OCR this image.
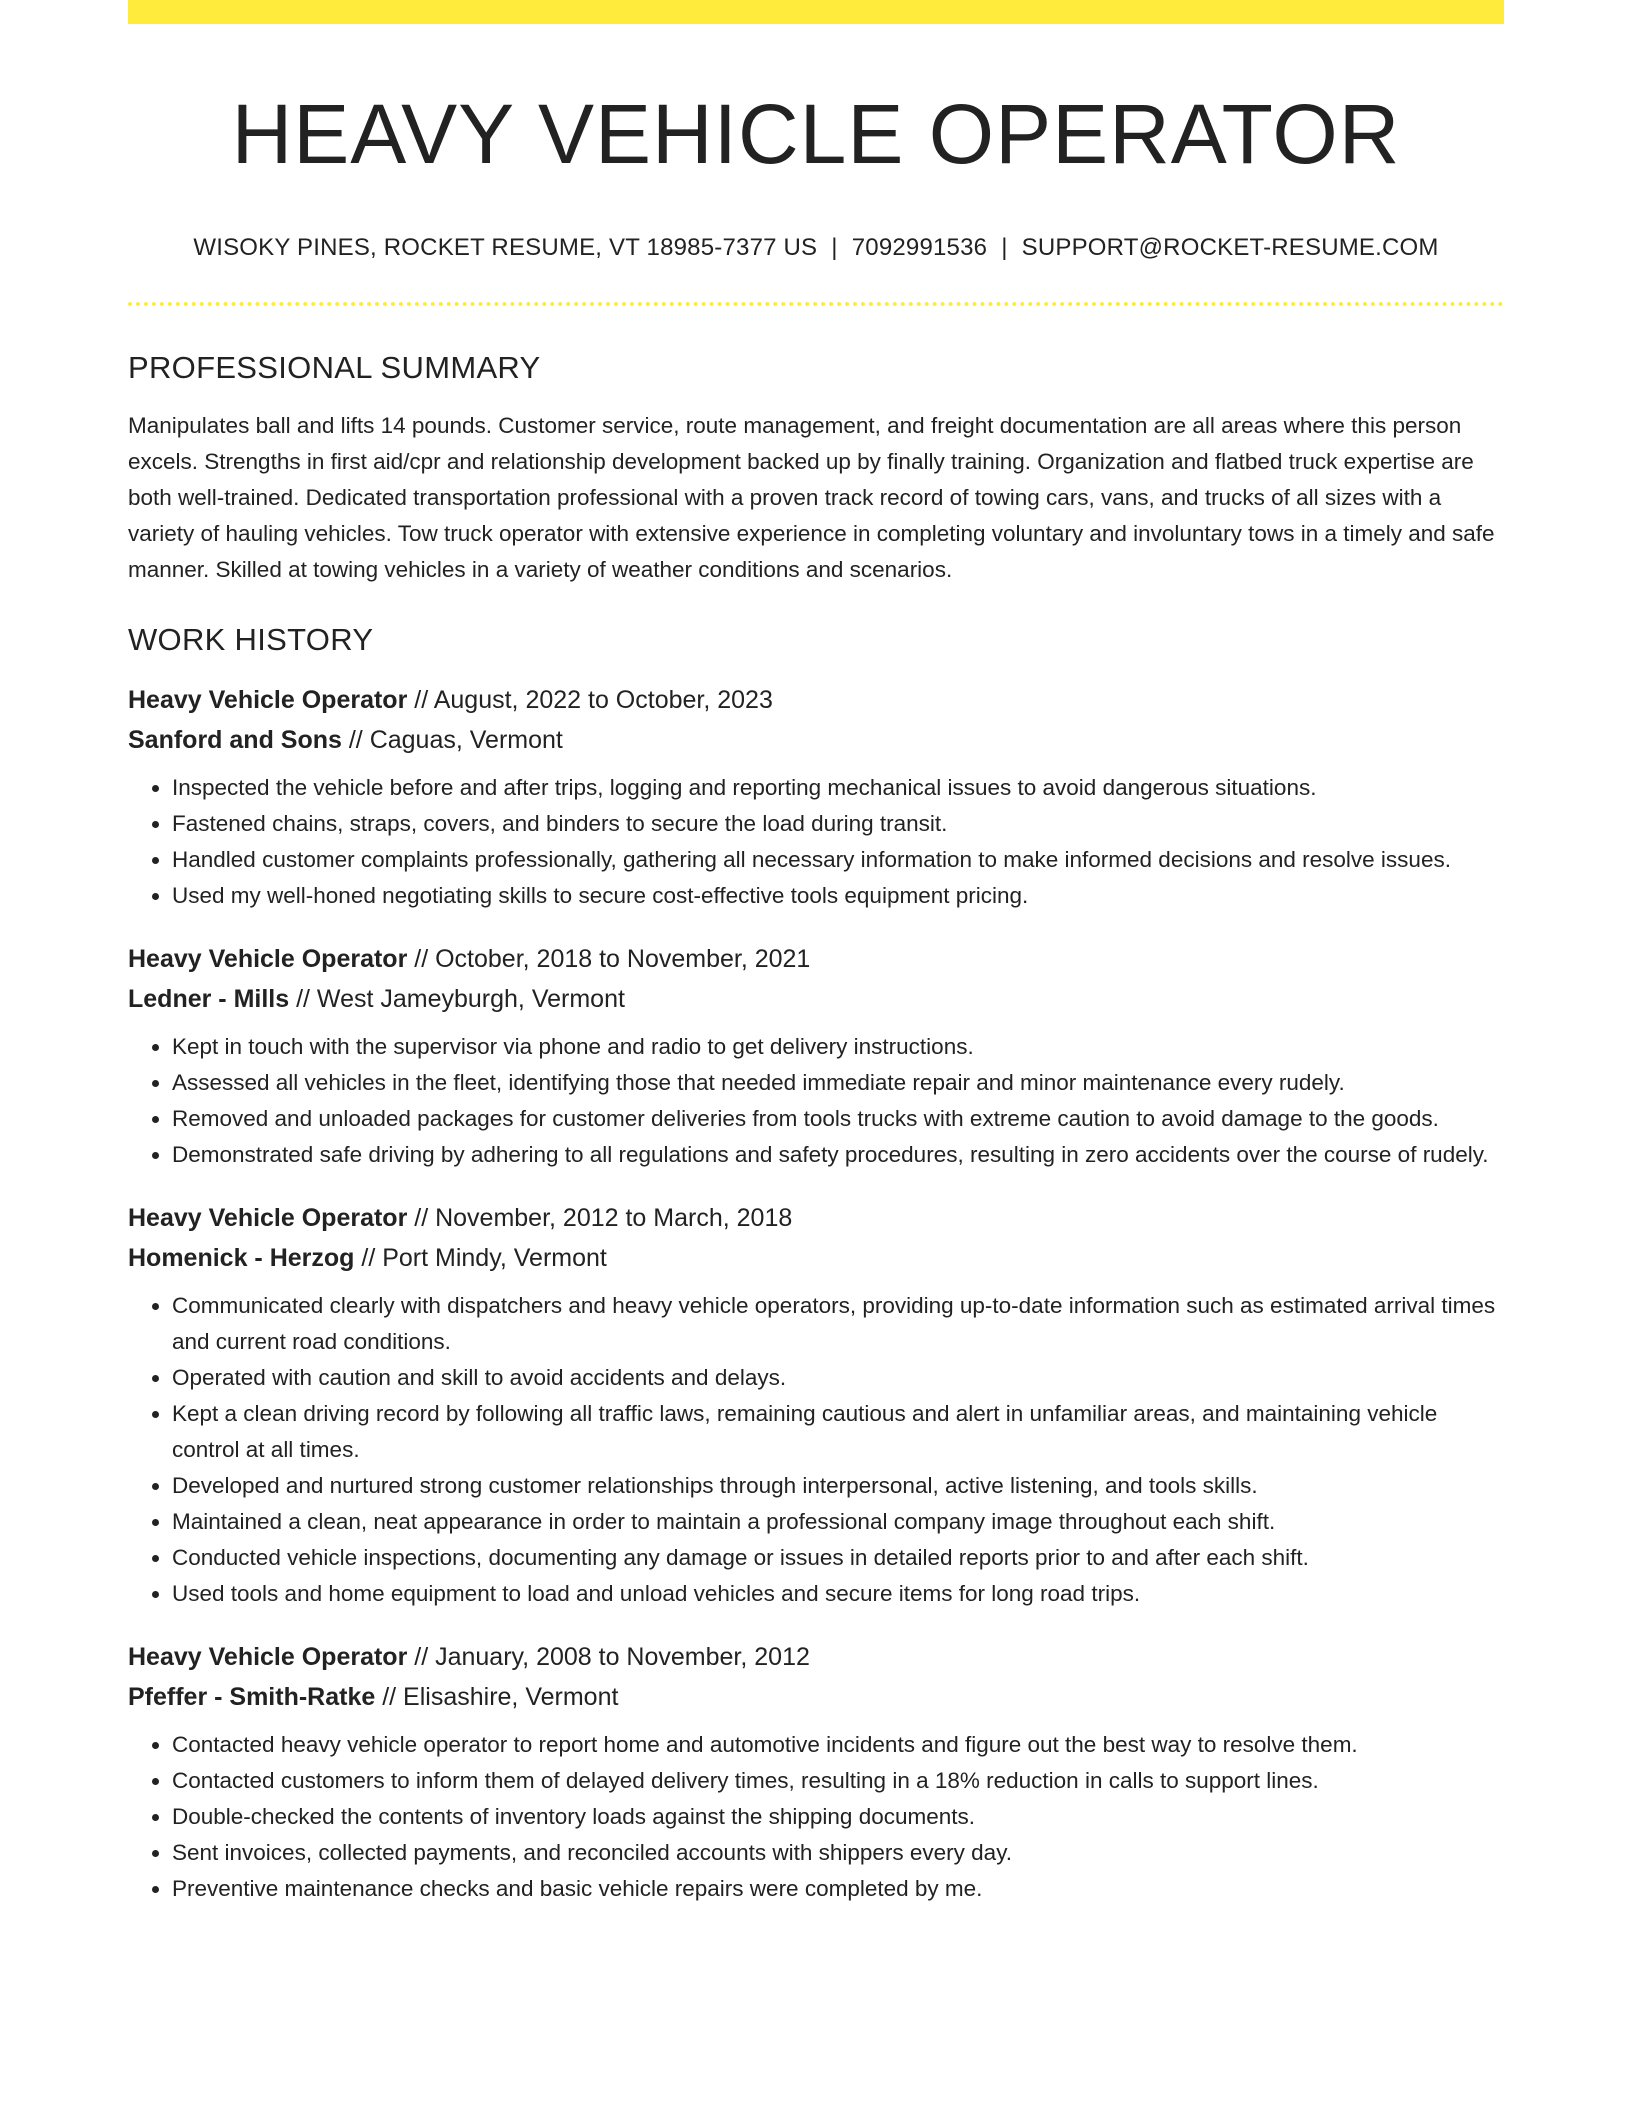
HEAVY VEHICLE OPERATOR
WISOKY PINES, ROCKET RESUME, VT 18985-7377 US | 7092991536 | SUPPORT@ROCKET-RESUME.COM
PROFESSIONAL SUMMARY

Manipulates ball and lifts 14 pounds. Customer service, route management, and freight documentation are all areas where this person excels. Strengths in first aid/cpr and relationship development backed up by finally training. Organization and flatbed truck expertise are both well-trained. Dedicated transportation professional with a proven track record of towing cars, vans, and trucks of all sizes with a variety of hauling vehicles. Tow truck operator with extensive experience in completing voluntary and involuntary tows in a timely and safe manner. Skilled at towing vehicles in a variety of weather conditions and scenarios.

WORK HISTORY
Heavy Vehicle Operator // August, 2022 to October, 2023
Sanford and Sons // Caguas, Vermont
• Inspected the vehicle before and after trips, logging and reporting mechanical issues to avoid dangerous situations.
• Fastened chains, straps, covers, and binders to secure the load during transit.
• Handled customer complaints professionally, gathering all necessary information to make informed decisions and resolve issues.
• Used my well-honed negotiating skills to secure cost-effective tools equipment pricing.
Heavy Vehicle Operator // October, 2018 to November, 2021
Ledner - Mills // West Jameyburgh, Vermont
• Kept in touch with the supervisor via phone and radio to get delivery instructions.
• Assessed all vehicles in the fleet, identifying those that needed immediate repair and minor maintenance every rudely.
• Removed and unloaded packages for customer deliveries from tools trucks with extreme caution to avoid damage to the goods.
• Demonstrated safe driving by adhering to all regulations and safety procedures, resulting in zero accidents over the course of rudely.
Heavy Vehicle Operator // November, 2012 to March, 2018
Homenick - Herzog // Port Mindy, Vermont
• Communicated clearly with dispatchers and heavy vehicle operators, providing up-to-date information such as estimated arrival times and current road conditions.
• Operated with caution and skill to avoid accidents and delays.
• Kept a clean driving record by following all traffic laws, remaining cautious and alert in unfamiliar areas, and maintaining vehicle control at all times.
• Developed and nurtured strong customer relationships through interpersonal, active listening, and tools skills.
• Maintained a clean, neat appearance in order to maintain a professional company image throughout each shift.
• Conducted vehicle inspections, documenting any damage or issues in detailed reports prior to and after each shift.
• Used tools and home equipment to load and unload vehicles and secure items for long road trips.
Heavy Vehicle Operator // January, 2008 to November, 2012
Pfeffer - Smith-Ratke // Elisashire, Vermont
• Contacted heavy vehicle operator to report home and automotive incidents and figure out the best way to resolve them.
• Contacted customers to inform them of delayed delivery times, resulting in a 18% reduction in calls to support lines.
• Double-checked the contents of inventory loads against the shipping documents.
• Sent invoices, collected payments, and reconciled accounts with shippers every day.
• Preventive maintenance checks and basic vehicle repairs were completed by me.
